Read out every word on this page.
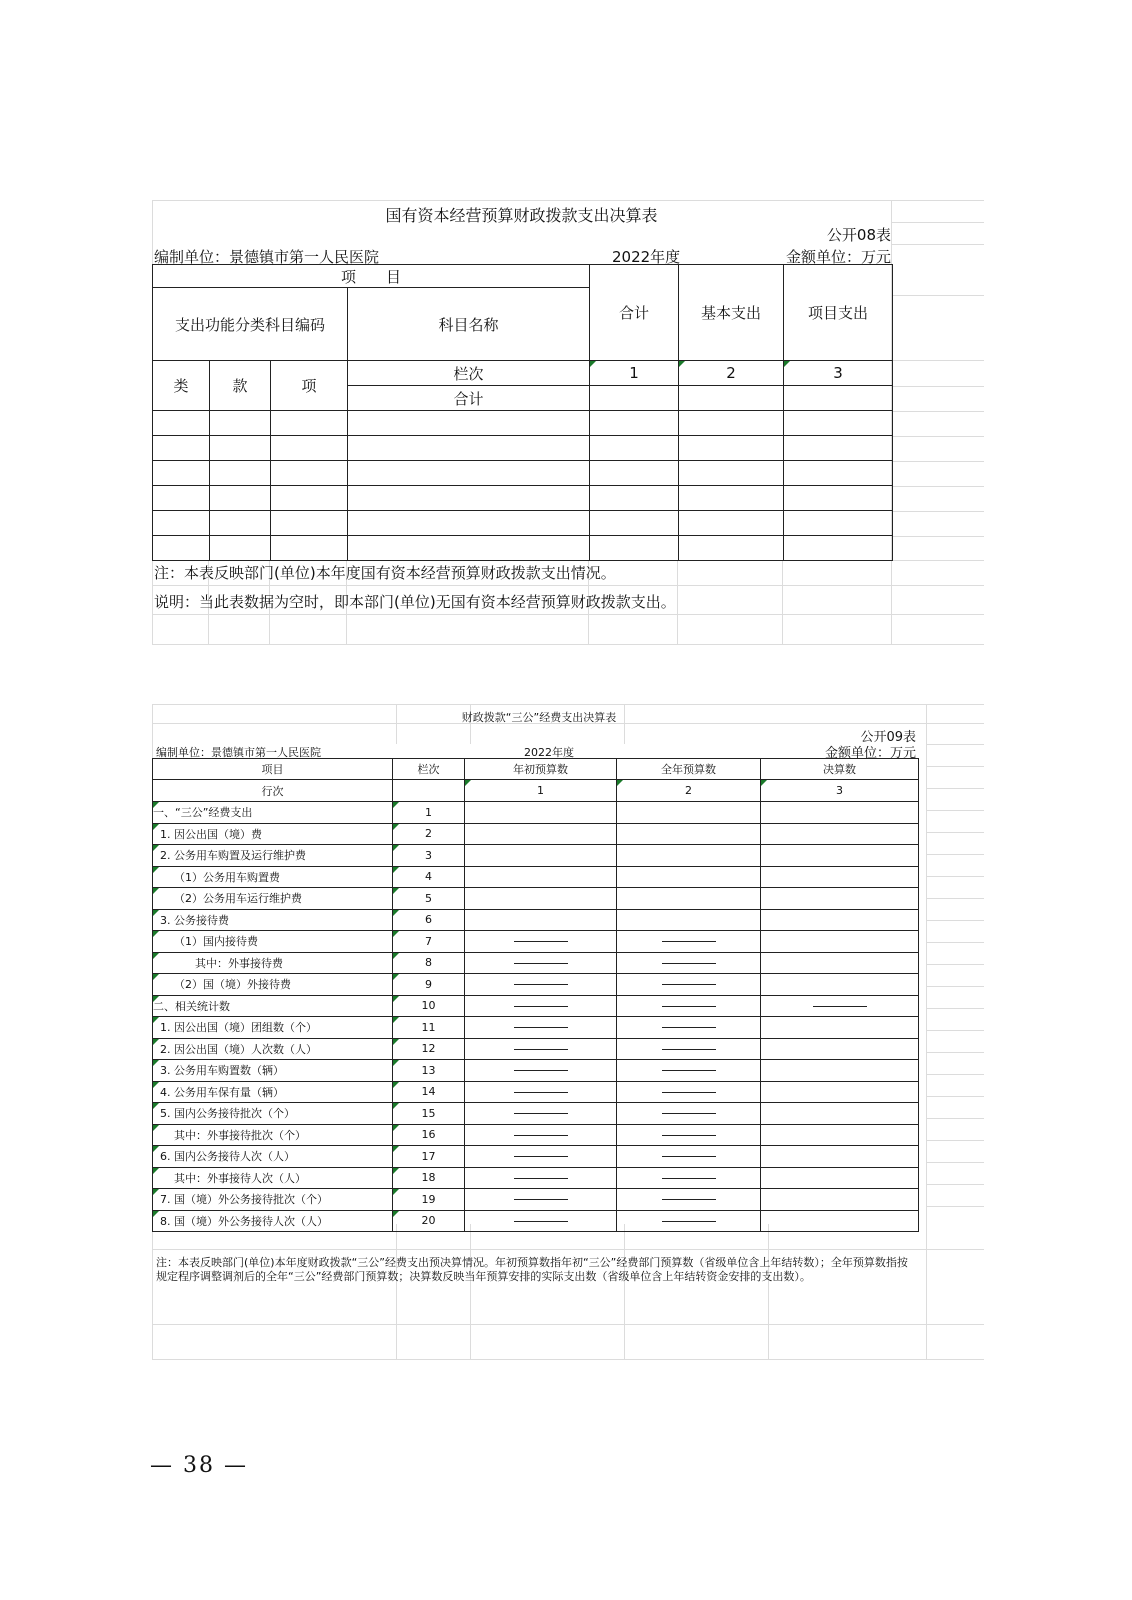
国有资本经营预算财政拨款支出决算表
公开08表
编制单位：景德镇市第一人民医院	2022年度	金额单位：万元
项　　目				合计	基本支出	项目支出
支出功能分类科目编码			科目名称			
类	款	项	栏次	1	2	3
			合计			

注：本表反映部门(单位)本年度国有资本经营预算财政拨款支出情况。
说明：当此表数据为空时，即本部门(单位)无国有资本经营预算财政拨款支出。
财政拨款“三公”经费支出决算表
公开09表
编制单位：景德镇市第一人民医院	2022年度	金额单位：万元
项目	栏次	年初预算数	全年预算数	决算数
行次		1	2	3
一、“三公”经费支出	1			
1. 因公出国（境）费	2			
2. 公务用车购置及运行维护费	3			
（1）公务用车购置费	4			
（2）公务用车运行维护费	5			
3. 公务接待费	6			
（1）国内接待费	7			
其中：外事接待费	8			
（2）国（境）外接待费	9			
二、相关统计数	10			
1. 因公出国（境）团组数（个）	11			
2. 因公出国（境）人次数（人）	12			
3. 公务用车购置数（辆）	13			
4. 公务用车保有量（辆）	14			
5. 国内公务接待批次（个）	15			
其中：外事接待批次（个）	16			
6. 国内公务接待人次（人）	17			
其中：外事接待人次（人）	18			
7. 国（境）外公务接待批次（个）	19			
8. 国（境）外公务接待人次（人）	20			
注：本表反映部门(单位)本年度财政拨款“三公”经费支出预决算情况。年初预算数指年初“三公”经费部门预算数（省级单位含上年结转数）；全年预算数指按规定程序调整调剂后的全年“三公”经费部门预算数；决算数反映当年预算安排的实际支出数（省级单位含上年结转资金安排的支出数）。
— 38 —
